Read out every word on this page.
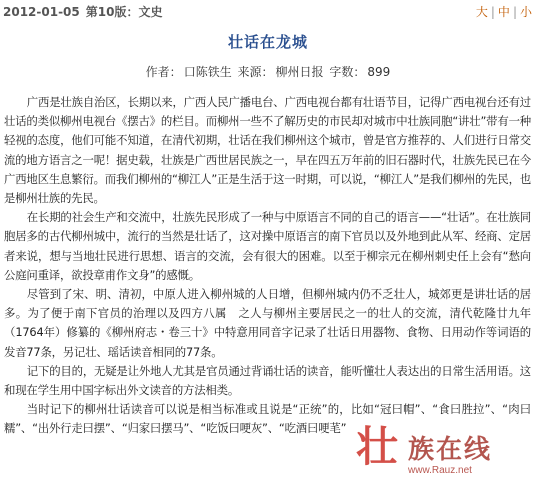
2012-01-05 第10版：文史	大 | 中 | 小
壮话在龙城
作者： 口陈铁生 来源： 柳州日报 字数： 899

广西是壮族自治区，长期以来，广西人民广播电台、广西电视台都有壮语节目，记得广西电视台还有过壮话的类似柳州电视台《摆古》的栏目。而柳州一些不了解历史的市民却对城市中壮族同胞“讲壮”带有一种轻视的态度，他们可能不知道，在清代初期，壮话在我们柳州这个城市，曾是官方推荐的、人们进行日常交流的地方语言之一呢！据史载，壮族是广西世居民族之一，早在四五万年前的旧石器时代，壮族先民已在今广西地区生息繁衍。而我们柳州的“柳江人”正是生活于这一时期，可以说，“柳江人”是我们柳州的先民，也是柳州壮族的先民。

在长期的社会生产和交流中，壮族先民形成了一种与中原语言不同的自己的语言——“壮话”。在壮族同胞居多的古代柳州城中，流行的当然是壮话了，这对操中原语言的南下官员以及外地到此从军、经商、定居者来说，想与当地壮民进行思想、语言的交流，会有很大的困难。以至于柳宗元在柳州刺史任上会有“愁向公庭问重译，欲投章甫作文身”的感慨。

尽管到了宋、明、清初，中原人进入柳州城的人日增，但柳州城内仍不乏壮人，城郊更是讲壮话的居多。为了便于南下官员的治理以及四方八属　之人与柳州主要居民之一的壮人的交流，清代乾隆廿九年（1764年）修纂的《柳州府志・卷三十》中特意用同音字记录了壮话日用器物、食物、日用动作等词语的发音77条，另记壮、瑶话读音相同的77条。

记下的目的，无疑是让外地人尤其是官员通过背诵壮话的读音，能听懂壮人表达出的日常生活用语。这和现在学生用中国字标出外文读音的方法相类。

当时记下的柳州壮话读音可以说是相当标准或且说是“正统”的，比如“冠曰帽”、“食曰胜拉”、“肉曰糯”、“出外行走曰摆”、“归家曰摆马”、“吃饭曰哽灰”、“吃酒曰哽芼” 壮 族在线
www.Rauz.net
